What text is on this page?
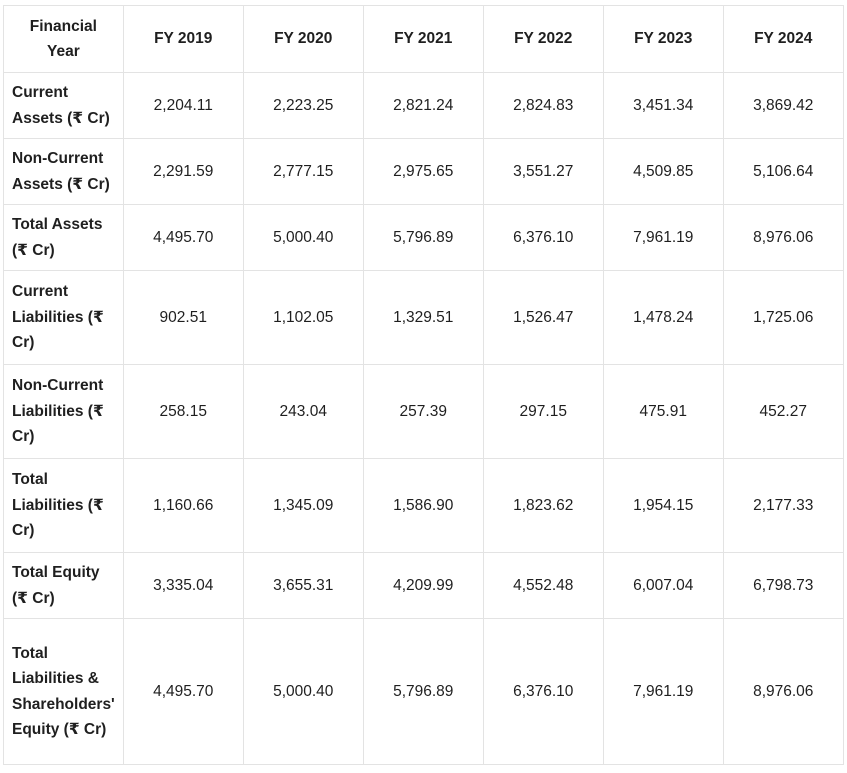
Financial Year	FY 2019	FY 2020	FY 2021	FY 2022	FY 2023	FY 2024
Current Assets (₹ Cr)	2,204.11	2,223.25	2,821.24	2,824.83	3,451.34	3,869.42
Non-Current Assets (₹ Cr)	2,291.59	2,777.15	2,975.65	3,551.27	4,509.85	5,106.64
Total Assets (₹ Cr)	4,495.70	5,000.40	5,796.89	6,376.10	7,961.19	8,976.06
Current Liabilities (₹ Cr)	902.51	1,102.05	1,329.51	1,526.47	1,478.24	1,725.06
Non-Current Liabilities (₹ Cr)	258.15	243.04	257.39	297.15	475.91	452.27
Total Liabilities (₹ Cr)	1,160.66	1,345.09	1,586.90	1,823.62	1,954.15	2,177.33
Total Equity (₹ Cr)	3,335.04	3,655.31	4,209.99	4,552.48	6,007.04	6,798.73
Total Liabilities & Shareholders' Equity (₹ Cr)	4,495.70	5,000.40	5,796.89	6,376.10	7,961.19	8,976.06
